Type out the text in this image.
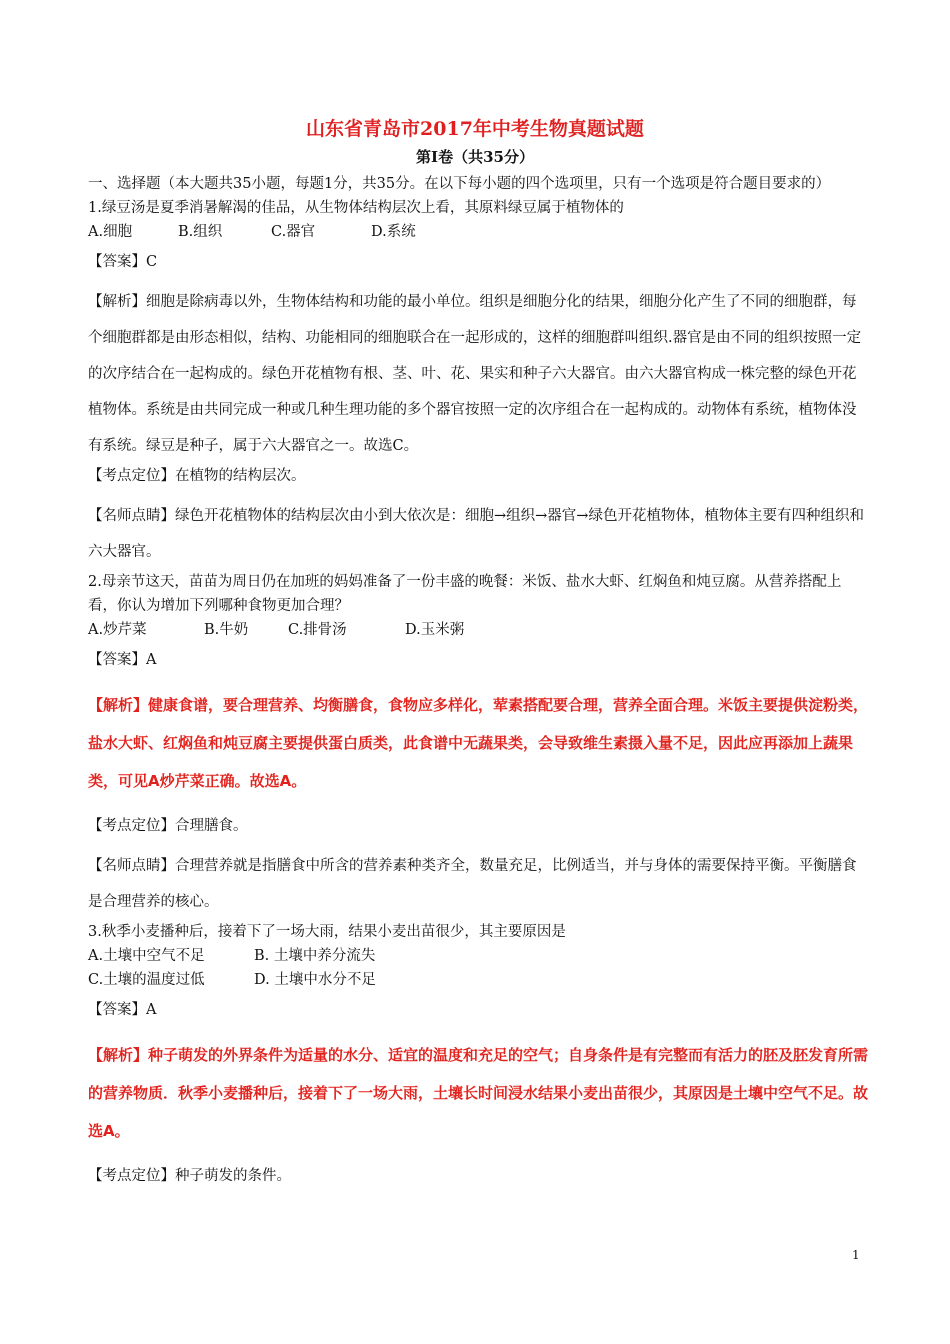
山东省青岛市2017年中考生物真题试题
第Ⅰ卷（共35分）

一、选择题（本大题共35小题，每题1分，共35分。在以下每小题的四个选项里，只有一个选项是符合题目要求的）

1.绿豆汤是夏季消暑解渴的佳品，从生物体结构层次上看，其原料绿豆属于植物体的

A.细胞	B.组织	C.器官	D.系统

【答案】C

【解析】细胞是除病毒以外，生物体结构和功能的最小单位。组织是细胞分化的结果，细胞分化产生了不同的细胞群，每个细胞群都是由形态相似，结构、功能相同的细胞联合在一起形成的，这样的细胞群叫组织.器官是由不同的组织按照一定的次序结合在一起构成的。绿色开花植物有根、茎、叶、花、果实和种子六大器官。由六大器官构成一株完整的绿色开花植物体。系统是由共同完成一种或几种生理功能的多个器官按照一定的次序组合在一起构成的。动物体有系统，植物体没有系统。绿豆是种子，属于六大器官之一。故选C。

【考点定位】在植物的结构层次。

【名师点睛】绿色开花植物体的结构层次由小到大依次是：细胞→组织→器官→绿色开花植物体，植物体主要有四种组织和六大器官。

2.母亲节这天，苗苗为周日仍在加班的妈妈准备了一份丰盛的晚餐：米饭、盐水大虾、红焖鱼和炖豆腐。从营养搭配上看，你认为增加下列哪种食物更加合理？

A.炒芹菜	B.牛奶	C.排骨汤	D.玉米粥

【答案】A

【解析】健康食谱，要合理营养、均衡膳食，食物应多样化，荤素搭配要合理，营养全面合理。米饭主要提供淀粉类，盐水大虾、红焖鱼和炖豆腐主要提供蛋白质类，此食谱中无蔬果类，会导致维生素摄入量不足，因此应再添加上蔬果类，可见A炒芹菜正确。故选A。

【考点定位】合理膳食。

【名师点睛】合理营养就是指膳食中所含的营养素种类齐全，数量充足，比例适当，并与身体的需要保持平衡。平衡膳食是合理营养的核心。

3.秋季小麦播种后，接着下了一场大雨，结果小麦出苗很少，其主要原因是

A.土壤中空气不足	B. 土壤中养分流失
C.土壤的温度过低	D. 土壤中水分不足

【答案】A

【解析】种子萌发的外界条件为适量的水分、适宜的温度和充足的空气；自身条件是有完整而有活力的胚及胚发育所需的营养物质．秋季小麦播种后，接着下了一场大雨，土壤长时间浸水结果小麦出苗很少，其原因是土壤中空气不足。故选A。

【考点定位】种子萌发的条件。

1
